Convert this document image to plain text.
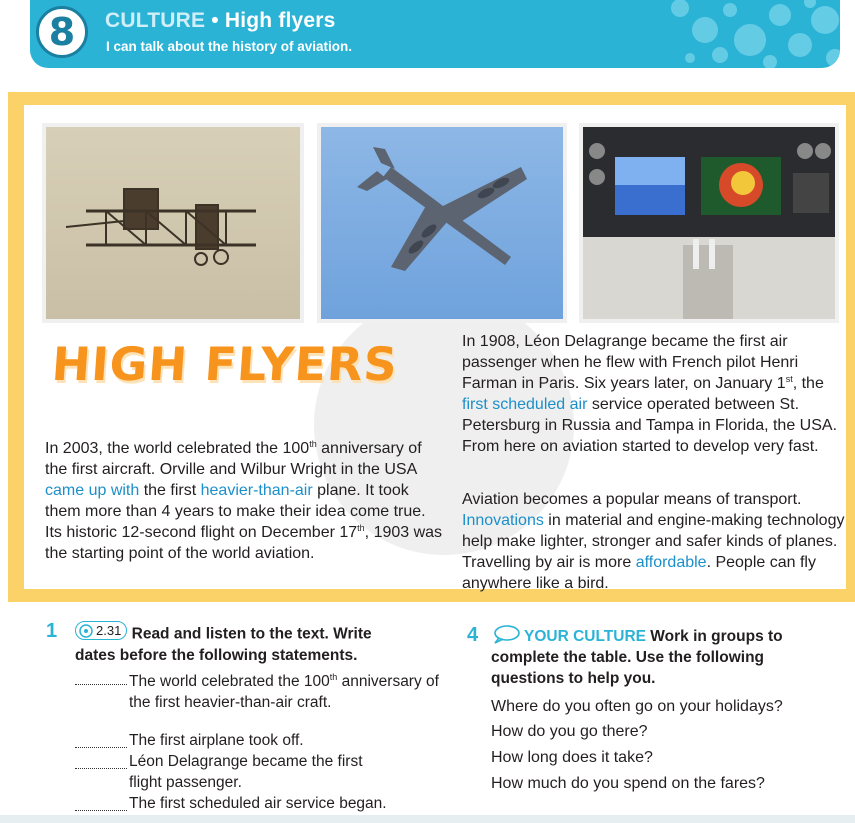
8	CULTURE • High flyers
I can talk about the history of aviation.
HIGH FLYERS
In 2003, the world celebrated the 100th anniversary of the first aircraft. Orville and Wilbur Wright in the USA came up with the first heavier-than-air plane. It took them more than 4 years to make their idea come true. Its historic 12-second flight on December 17th, 1903 was the starting point of the world aviation.
In 1908, Léon Delagrange became the first air passenger when he flew with French pilot Henri Farman in Paris. Six years later, on January 1st, the first scheduled air service operated between St. Petersburg in Russia and Tampa in Florida, the USA. From here on aviation started to develop very fast.
Aviation becomes a popular means of transport. Innovations in material and engine-making technology help make lighter, stronger and safer kinds of planes. Travelling by air is more affordable. People can fly anywhere like a bird.
1	2.31 Read and listen to the text. Write
dates before the following statements.
The world celebrated the 100th anniversary of the first heavier-than-air craft.
The first airplane took off.
Léon Delagrange became the first flight passenger.
The first scheduled air service began.
4	YOUR CULTURE Work in groups to
complete the table. Use the following
questions to help you.
Where do you often go on your holidays?
How do you go there?
How long does it take?
How much do you spend on the fares?
